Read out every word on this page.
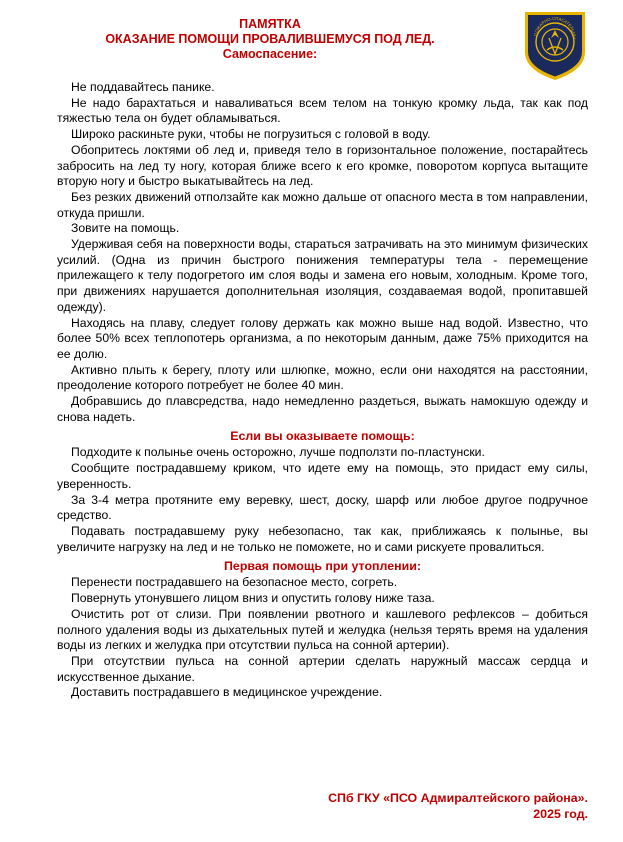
ПАМЯТКА
ОКАЗАНИЕ ПОМОЩИ ПРОВАЛИВШЕМУСЯ ПОД ЛЕД.
Самоспасение:
ПОЖАРНО-СПАСАТЕЛЬНЫ

Не поддавайтесь панике.

Не надо барахтаться и наваливаться всем телом на тонкую кромку льда, так как под тяжестью тела он будет обламываться.

Широко раскиньте руки, чтобы не погрузиться с головой в воду.

Обопритесь локтями об лед и, приведя тело в горизонтальное положение, постарайтесь забросить на лед ту ногу, которая ближе всего к его кромке, поворотом корпуса вытащите вторую ногу и быстро выкатывайтесь на лед.

Без резких движений отползайте как можно дальше от опасного места в том направлении, откуда пришли.

Зовите на помощь.

Удерживая себя на поверхности воды, стараться затрачивать на это минимум физических усилий. (Одна из причин быстрого понижения температуры тела - перемещение прилежащего к телу подогретого им слоя воды и замена его новым, холодным. Кроме того, при движениях нарушается дополнительная изоляция, создаваемая водой, пропитавшей одежду).

Находясь на плаву, следует голову держать как можно выше над водой. Известно, что более 50% всех теплопотерь организма, а по некоторым данным, даже 75% приходится на ее долю.

Активно плыть к берегу, плоту или шлюпке, можно, если они находятся на расстоянии, преодоление которого потребует не более 40 мин.

Добравшись до плавсредства, надо немедленно раздеться, выжать намокшую одежду и снова надеть.

Если вы оказываете помощь:

Подходите к полынье очень осторожно, лучше подползти по-пластунски.

Сообщите пострадавшему криком, что идете ему на помощь, это придаст ему силы, уверенность.

За 3-4 метра протяните ему веревку, шест, доску, шарф или любое другое подручное средство.

Подавать пострадавшему руку небезопасно, так как, приближаясь к полынье, вы увеличите нагрузку на лед и не только не поможете, но и сами рискуете провалиться.

Первая помощь при утоплении:

Перенести пострадавшего на безопасное место, согреть.

Повернуть утонувшего лицом вниз и опустить голову ниже таза.

Очистить рот от слизи. При появлении рвотного и кашлевого рефлексов – добиться полного удаления воды из дыхательных путей и желудка (нельзя терять время на удаления воды из легких и желудка при отсутствии пульса на сонной артерии).

При отсутствии пульса на сонной артерии сделать наружный массаж сердца и искусственное дыхание.

Доставить пострадавшего в медицинское учреждение.

СПб ГКУ «ПСО Адмиралтейского района».
2025 год.
